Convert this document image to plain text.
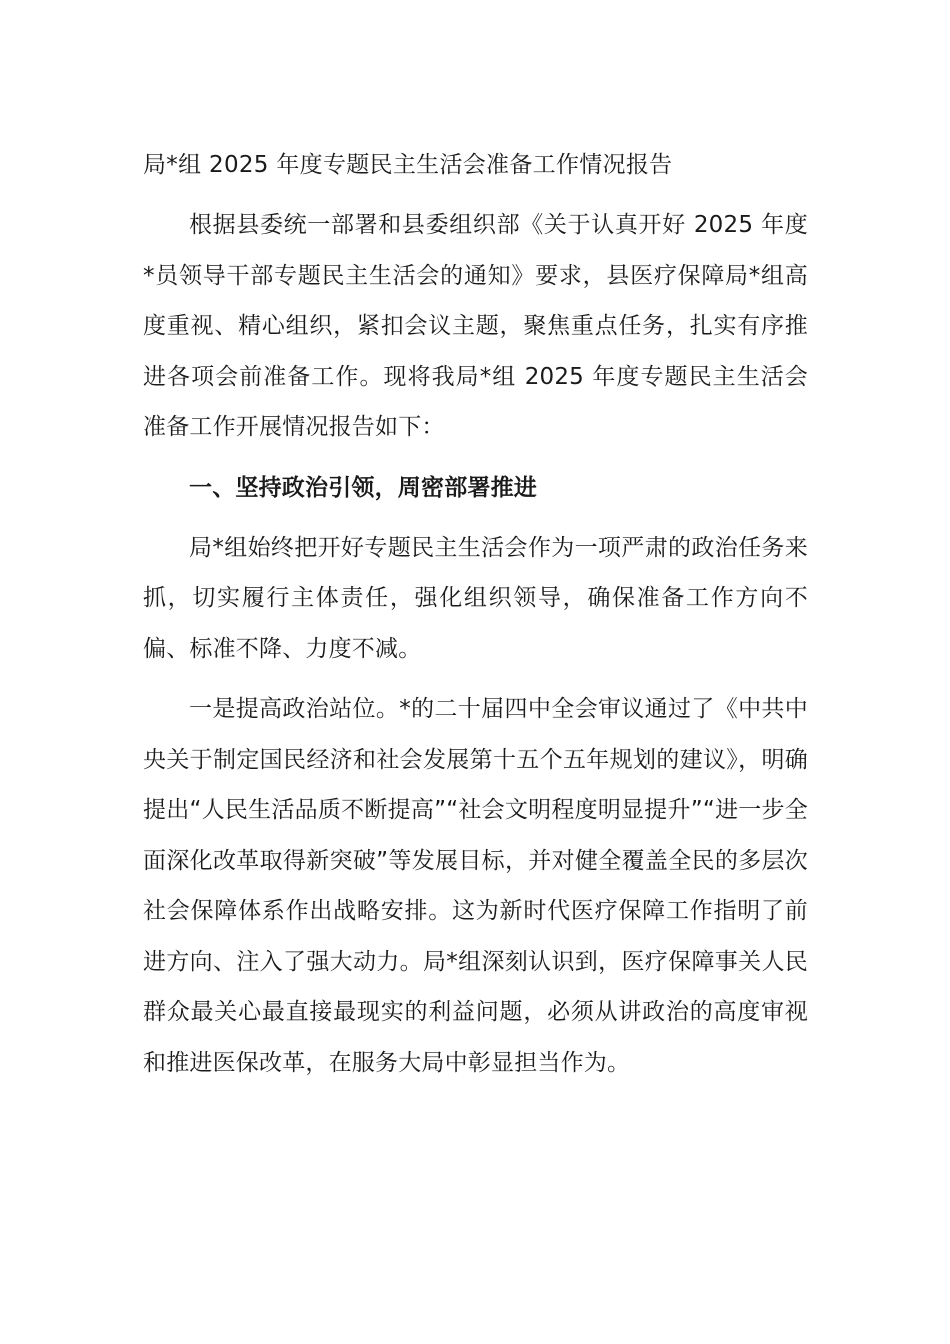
局*组 2025 年度专题民主生活会准备工作情况报告

根据县委统一部署和县委组织部《关于认真开好 2025 年度*员领导干部专题民主生活会的通知》要求，县医疗保障局*组高度重视、精心组织，紧扣会议主题，聚焦重点任务，扎实有序推进各项会前准备工作。现将我局*组 2025 年度专题民主生活会准备工作开展情况报告如下：

一、坚持政治引领，周密部署推进

局*组始终把开好专题民主生活会作为一项严肃的政治任务来抓，切实履行主体责任，强化组织领导，确保准备工作方向不偏、标准不降、力度不减。

一是提高政治站位。*的二十届四中全会审议通过了《中共中央关于制定国民经济和社会发展第十五个五年规划的建议》，明确提出“人民生活品质不断提高”“社会文明程度明显提升”“进一步全面深化改革取得新突破”等发展目标，并对健全覆盖全民的多层次社会保障体系作出战略安排。这为新时代医疗保障工作指明了前进方向、注入了强大动力。局*组深刻认识到，医疗保障事关人民群众最关心最直接最现实的利益问题，必须从讲政治的高度审视和推进医保改革，在服务大局中彰显担当作为。
